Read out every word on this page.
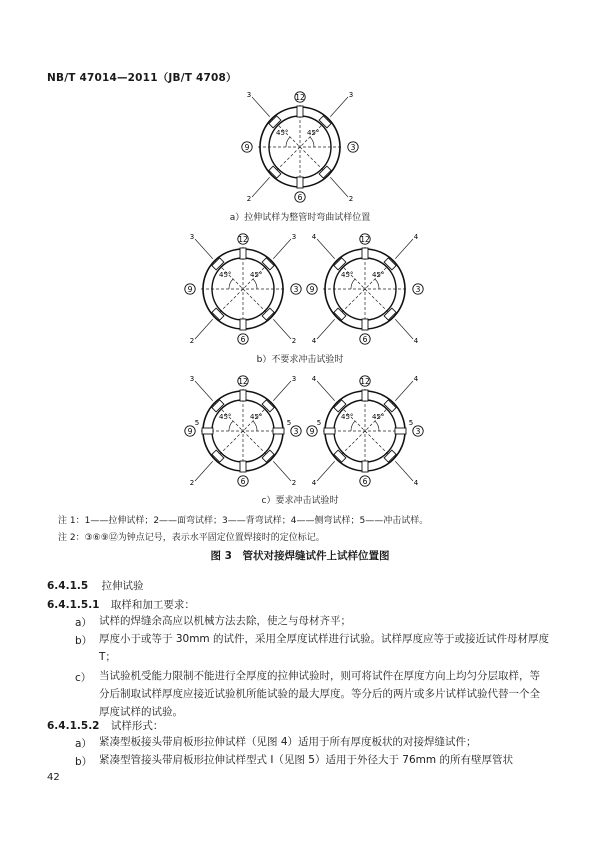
NB/T 47014—2011（JB/T 4708）
45°	45°
3	3
2
2
12
3
6
9
a）拉伸试样为整管时弯曲试样位置
45°	45°
3	3
2
2
12
3
6
9
45°	45°
4	4
4
4
12
3
6
9
b）不要求冲击试验时
45°	45°
3	3
2
2
5	5
12
3
6
9
45°	45°
4	4
4
4
5	5
12
3
6
9
c）要求冲击试验时
注 1：1——拉伸试样；2——面弯试样；3——背弯试样；4——侧弯试样；5——冲击试样。
注 2：③⑥⑨⑫为钟点记号，表示水平固定位置焊接时的定位标记。
图 3　管状对接焊缝试件上试样位置图
6.4.1.5 拉伸试验
6.4.1.5.1 取样和加工要求：
a） 试样的焊缝余高应以机械方法去除，使之与母材齐平；
b） 厚度小于或等于 30mm 的试件，采用全厚度试样进行试验。试样厚度应等于或接近试件母材厚度 T；
c） 当试验机受能力限制不能进行全厚度的拉伸试验时，则可将试件在厚度方向上均匀分层取样，等分后制取试样厚度应接近试验机所能试验的最大厚度。等分后的两片或多片试样试验代替一个全厚度试样的试验。
6.4.1.5.2 试样形式：
a） 紧凑型板接头带肩板形拉伸试样（见图 4）适用于所有厚度板状的对接焊缝试件；
b） 紧凑型管接头带肩板形拉伸试样型式 Ⅰ（见图 5）适用于外径大于 76mm 的所有壁厚管状
42
